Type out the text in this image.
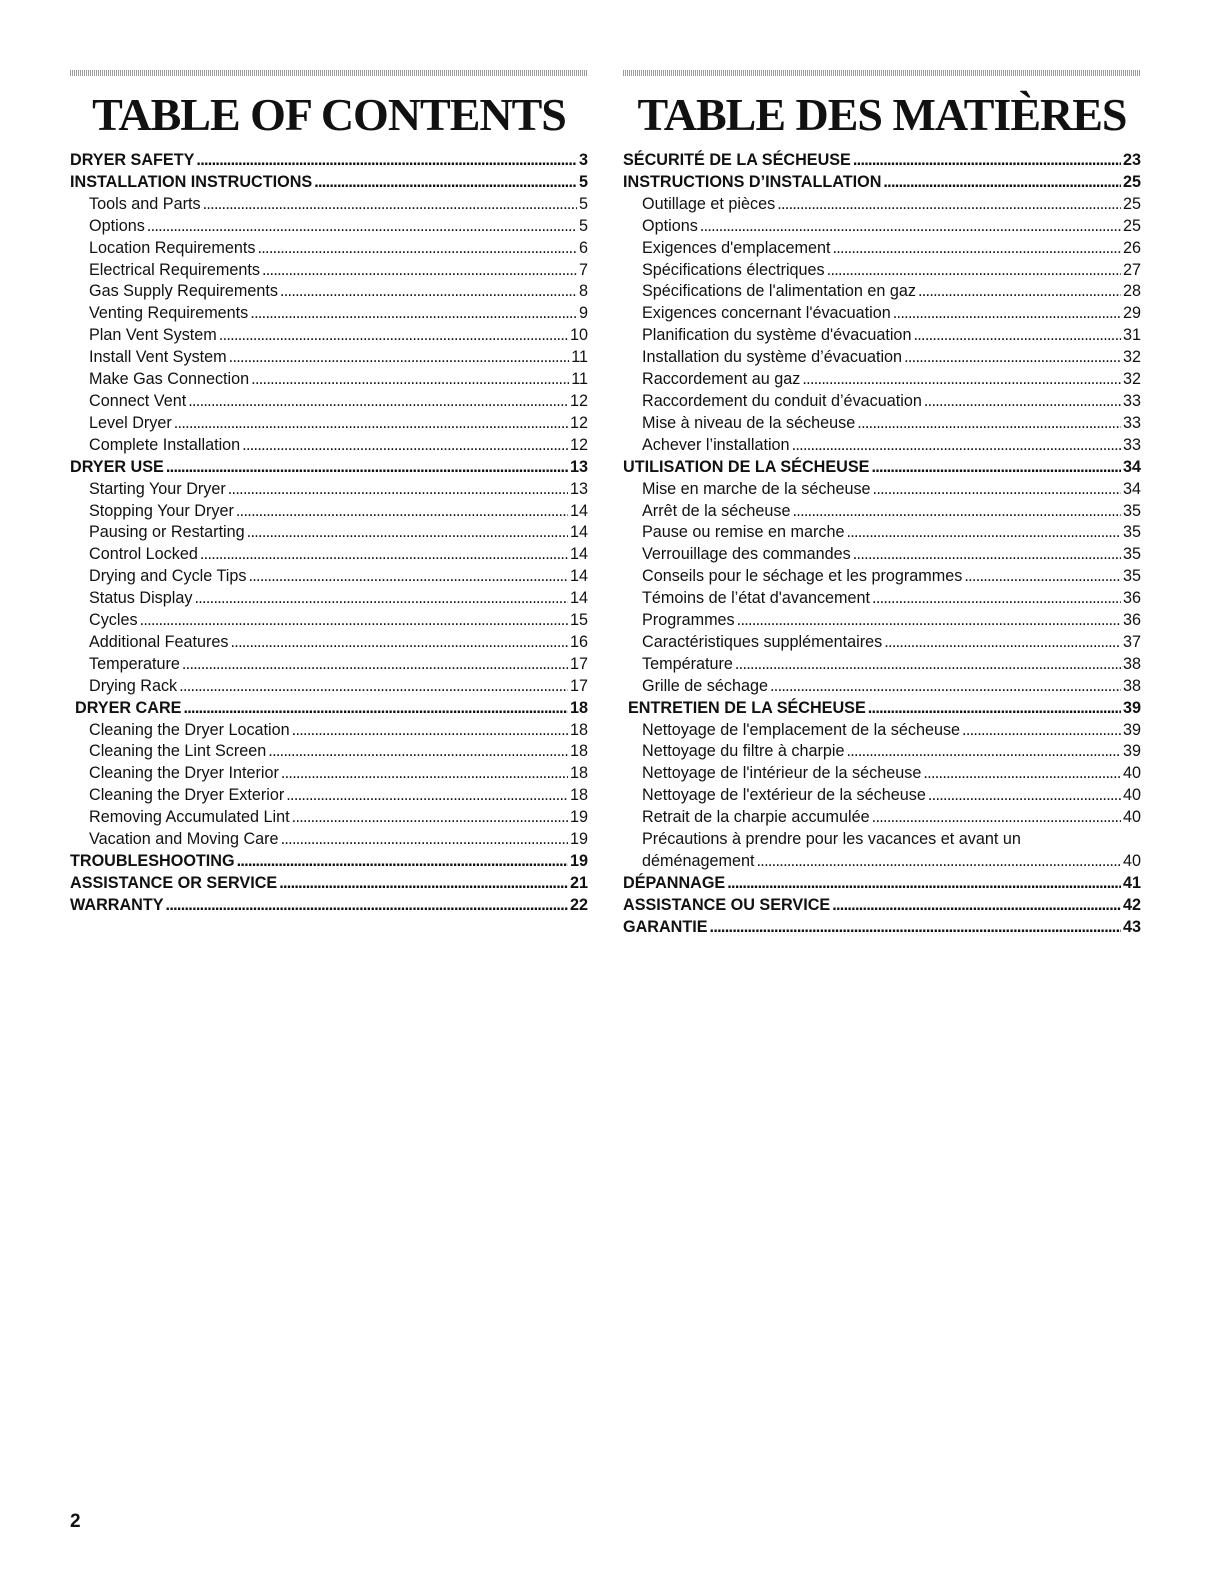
TABLE OF CONTENTS
DRYER SAFETY . . .	3
INSTALLATION INSTRUCTIONS . . .	5
Tools and Parts . . .	5
Options . . .	5
Location Requirements . . .	6
Electrical Requirements . . .	7
Gas Supply Requirements . . .	8
Venting Requirements . . .	9
Plan Vent System . . .	10
Install Vent System . . .	11
Make Gas Connection . . .	11
Connect Vent . . .	12
Level Dryer . . .	12
Complete Installation . . .	12
DRYER USE . . .	13
Starting Your Dryer . . .	13
Stopping Your Dryer . . .	14
Pausing or Restarting . . .	14
Control Locked . . .	14
Drying and Cycle Tips . . .	14
Status Display . . .	14
Cycles . . .	15
Additional Features . . .	16
Temperature . . .	17
Drying Rack . . .	17
DRYER CARE . . .	18
Cleaning the Dryer Location . . .	18
Cleaning the Lint Screen . . .	18
Cleaning the Dryer Interior . . .	18
Cleaning the Dryer Exterior . . .	18
Removing Accumulated Lint . . .	19
Vacation and Moving Care . . .	19
TROUBLESHOOTING . . .	19
ASSISTANCE OR SERVICE . . .	21
WARRANTY . . .	22
TABLE DES MATIÈRES
SÉCURITÉ DE LA SÉCHEUSE . . .	23
INSTRUCTIONS D’INSTALLATION . . .	25
Outillage et pièces . . .	25
Options . . .	25
Exigences d'emplacement . . .	26
Spécifications électriques . . .	27
Spécifications de l'alimentation en gaz . . .	28
Exigences concernant l'évacuation . . .	29
Planification du système d'évacuation . . .	31
Installation du système d’évacuation . . .	32
Raccordement au gaz . . .	32
Raccordement du conduit d’évacuation . . .	33
Mise à niveau de la sécheuse . . .	33
Achever l’installation . . .	33
UTILISATION DE LA SÉCHEUSE . . .	34
Mise en marche de la sécheuse . . .	34
Arrêt de la sécheuse . . .	35
Pause ou remise en marche . . .	35
Verrouillage des commandes . . .	35
Conseils pour le séchage et les programmes . . .	35
Témoins de l’état d'avancement . . .	36
Programmes . . .	36
Caractéristiques supplémentaires . . .	37
Température . . .	38
Grille de séchage . . .	38
ENTRETIEN DE LA SÉCHEUSE . . .	39
Nettoyage de l'emplacement de la sécheuse . . .	39
Nettoyage du filtre à charpie . . .	39
Nettoyage de l'intérieur de la sécheuse . . .	40
Nettoyage de l'extérieur de la sécheuse . . .	40
Retrait de la charpie accumulée . . .	40
Précautions à prendre pour les vacances et avant un
déménagement . . .	40
DÉPANNAGE . . .	41
ASSISTANCE OU SERVICE . . .	42
GARANTIE . . .	43
2
